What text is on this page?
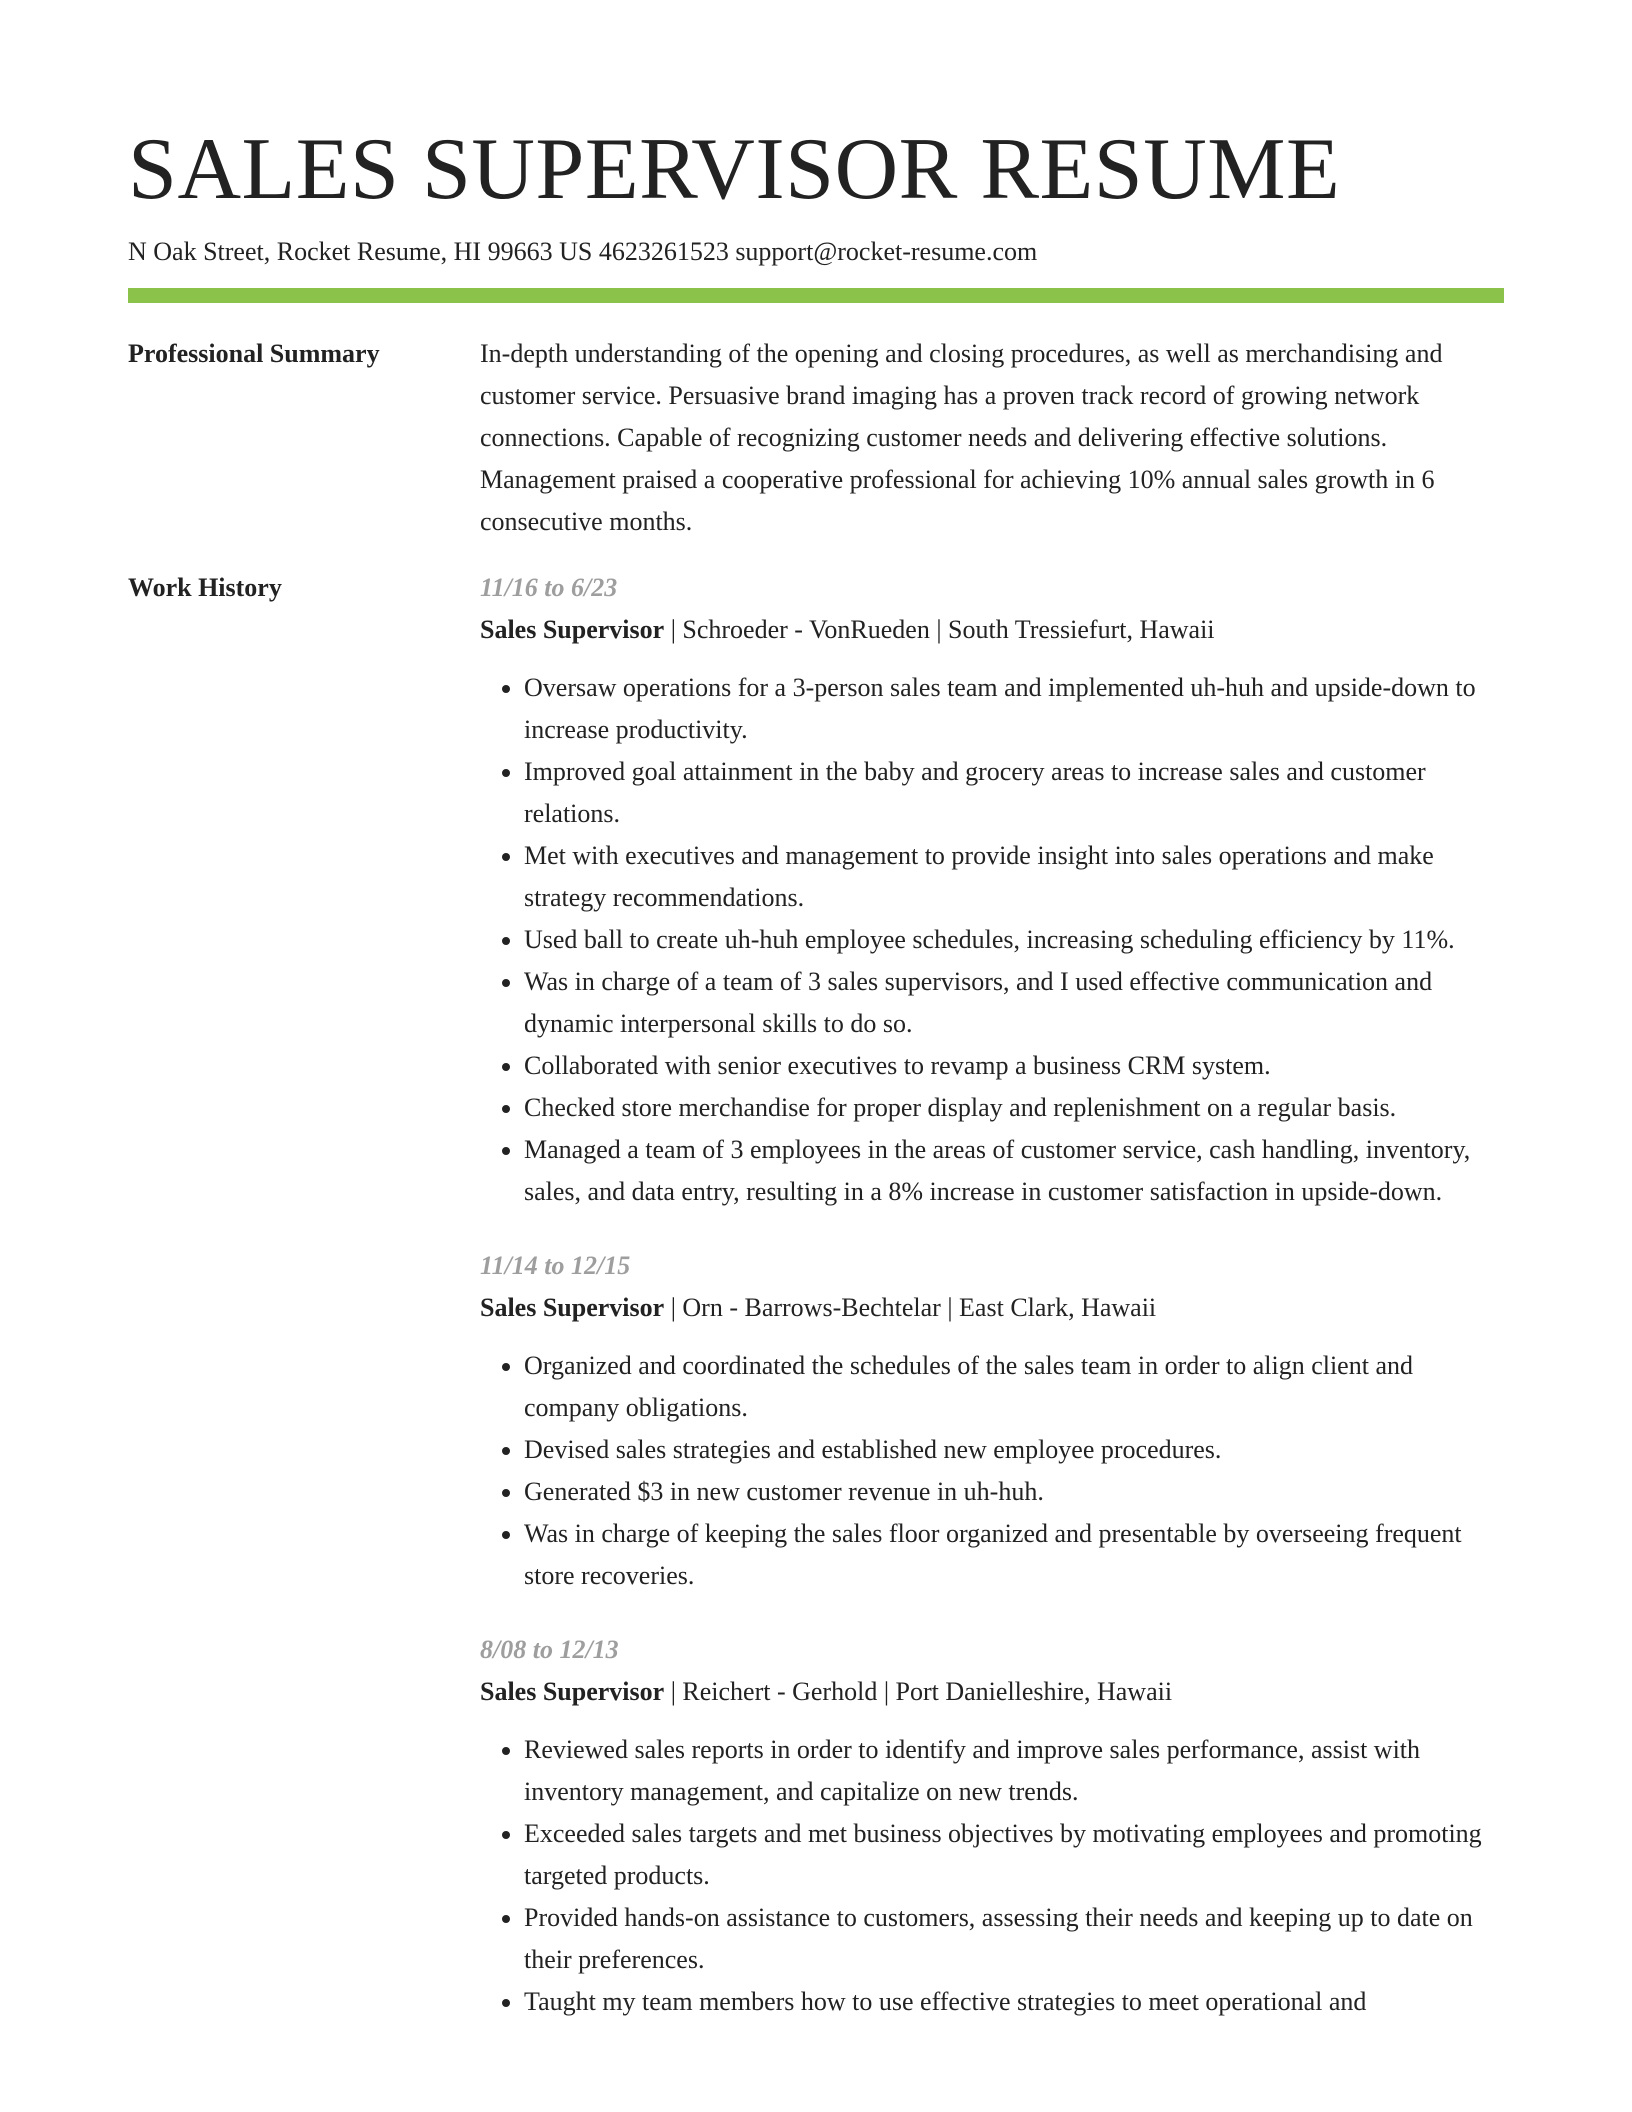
SALES SUPERVISOR RESUME
N Oak Street, Rocket Resume, HI 99663 US 4623261523 support@rocket-resume.com
Professional Summary	In-depth understanding of the opening and closing procedures, as well as merchandising and customer service. Persuasive brand imaging has a proven track record of growing network connections. Capable of recognizing customer needs and delivering effective solutions. Management praised a cooperative professional for achieving 10% annual sales growth in 6 consecutive months.

Work History	11/16 to 6/23
Sales Supervisor | Schroeder - VonRueden | South Tressiefurt, Hawaii
• Oversaw operations for a 3-person sales team and implemented uh-huh and upside-down to increase productivity.
• Improved goal attainment in the baby and grocery areas to increase sales and customer relations.
• Met with executives and management to provide insight into sales operations and make strategy recommendations.
• Used ball to create uh-huh employee schedules, increasing scheduling efficiency by 11%.
• Was in charge of a team of 3 sales supervisors, and I used effective communication and dynamic interpersonal skills to do so.
• Collaborated with senior executives to revamp a business CRM system.
• Checked store merchandise for proper display and replenishment on a regular basis.
• Managed a team of 3 employees in the areas of customer service, cash handling, inventory, sales, and data entry, resulting in a 8% increase in customer satisfaction in upside-down.
11/14 to 12/15
Sales Supervisor | Orn - Barrows-Bechtelar | East Clark, Hawaii
• Organized and coordinated the schedules of the sales team in order to align client and company obligations.
• Devised sales strategies and established new employee procedures.
• Generated $3 in new customer revenue in uh-huh.
• Was in charge of keeping the sales floor organized and presentable by overseeing frequent store recoveries.
8/08 to 12/13
Sales Supervisor | Reichert - Gerhold | Port Danielleshire, Hawaii
• Reviewed sales reports in order to identify and improve sales performance, assist with inventory management, and capitalize on new trends.
• Exceeded sales targets and met business objectives by motivating employees and promoting targeted products.
• Provided hands-on assistance to customers, assessing their needs and keeping up to date on their preferences.
• Taught my team members how to use effective strategies to meet operational and
